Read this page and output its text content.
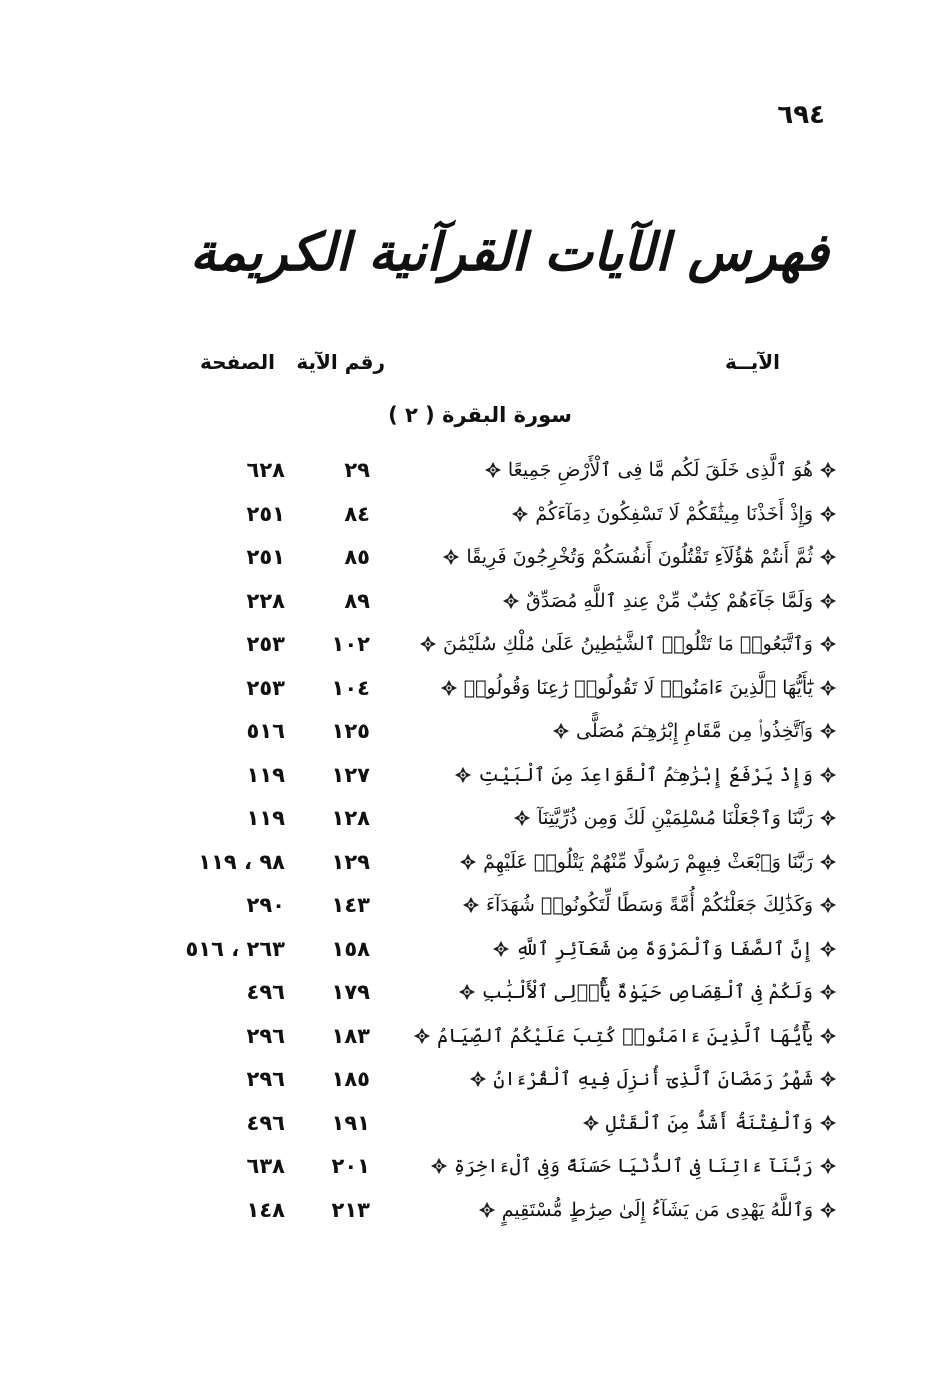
٦٩٤
فهرس الآيات القرآنية الكريمة
الآيــة
رقم الآية
الصفحة
( ٢ ) سورة البقرة
هُوَ ٱلَّذِى خَلَقَ لَكُم مَّا فِى ٱلْأَرْضِ جَمِيعًا
٢٩
٦٢٨
وَإِذْ أَخَذْنَا مِيثَٰقَكُمْ لَا تَسْفِكُونَ دِمَآءَكُمْ
٨٤
٢٥١
ثُمَّ أَنتُمْ هَٰٓؤُلَآءِ تَقْتُلُونَ أَنفُسَكُمْ وَتُخْرِجُونَ فَرِيقًا
٨٥
٢٥١
وَلَمَّا جَآءَهُمْ كِتَٰبٌ مِّنْ عِندِ ٱللَّهِ مُصَدِّقٌ
٨٩
٢٢٨
وَٱتَّبَعُوا۟ مَا تَتْلُوا۟ ٱلشَّيَٰطِينُ عَلَىٰ مُلْكِ سُلَيْمَٰنَ
١٠٢
٢٥٣
يَٰٓأَيُّهَا ٱلَّذِينَ ءَامَنُوا۟ لَا تَقُولُوا۟ رَٰعِنَا وَقُولُوا۟
١٠٤
٢٥٣
وَٱتَّخِذُوا۟ مِن مَّقَامِ إِبْرَٰهِـۧمَ مُصَلًّى
١٢٥
٥١٦
وَإِذْ يَرْفَعُ إِبْرَٰهِـۧمُ ٱلْقَوَاعِدَ مِنَ ٱلْبَيْتِ
١٢٧
١١٩
رَبَّنَا وَٱجْعَلْنَا مُسْلِمَيْنِ لَكَ وَمِن ذُرِّيَّتِنَآ
١٢٨
١١٩
رَبَّنَا وَٱبْعَثْ فِيهِمْ رَسُولًا مِّنْهُمْ يَتْلُوا۟ عَلَيْهِمْ
١٢٩
٩٨ ، ١١٩
وَكَذَٰلِكَ جَعَلْنَٰكُمْ أُمَّةً وَسَطًا لِّتَكُونُوا۟ شُهَدَآءَ
١٤٣
٢٩٠
إِنَّ ٱلصَّفَا وَٱلْمَرْوَةَ مِن شَعَآئِرِ ٱللَّهِ
١٥٨
٢٦٣ ، ٥١٦
وَلَكُمْ فِى ٱلْقِصَاصِ حَيَوٰةٌ يَٰٓأُو۟لِى ٱلْأَلْبَٰبِ
١٧٩
٤٩٦
يَٰٓأَيُّهَا ٱلَّذِينَ ءَامَنُوا۟ كُتِبَ عَلَيْكُمُ ٱلصِّيَامُ
١٨٣
٢٩٦
شَهْرُ رَمَضَانَ ٱلَّذِىٓ أُنزِلَ فِيهِ ٱلْقُرْءَانُ
١٨٥
٢٩٦
وَٱلْفِتْنَةُ أَشَدُّ مِنَ ٱلْقَتْلِ
١٩١
٤٩٦
رَبَّنَآ ءَاتِنَا فِى ٱلدُّنْيَا حَسَنَةً وَفِى ٱلْءَاخِرَةِ
٢٠١
٦٣٨
وَٱللَّهُ يَهْدِى مَن يَشَآءُ إِلَىٰ صِرَٰطٍ مُّسْتَقِيمٍ
٢١٣
١٤٨
